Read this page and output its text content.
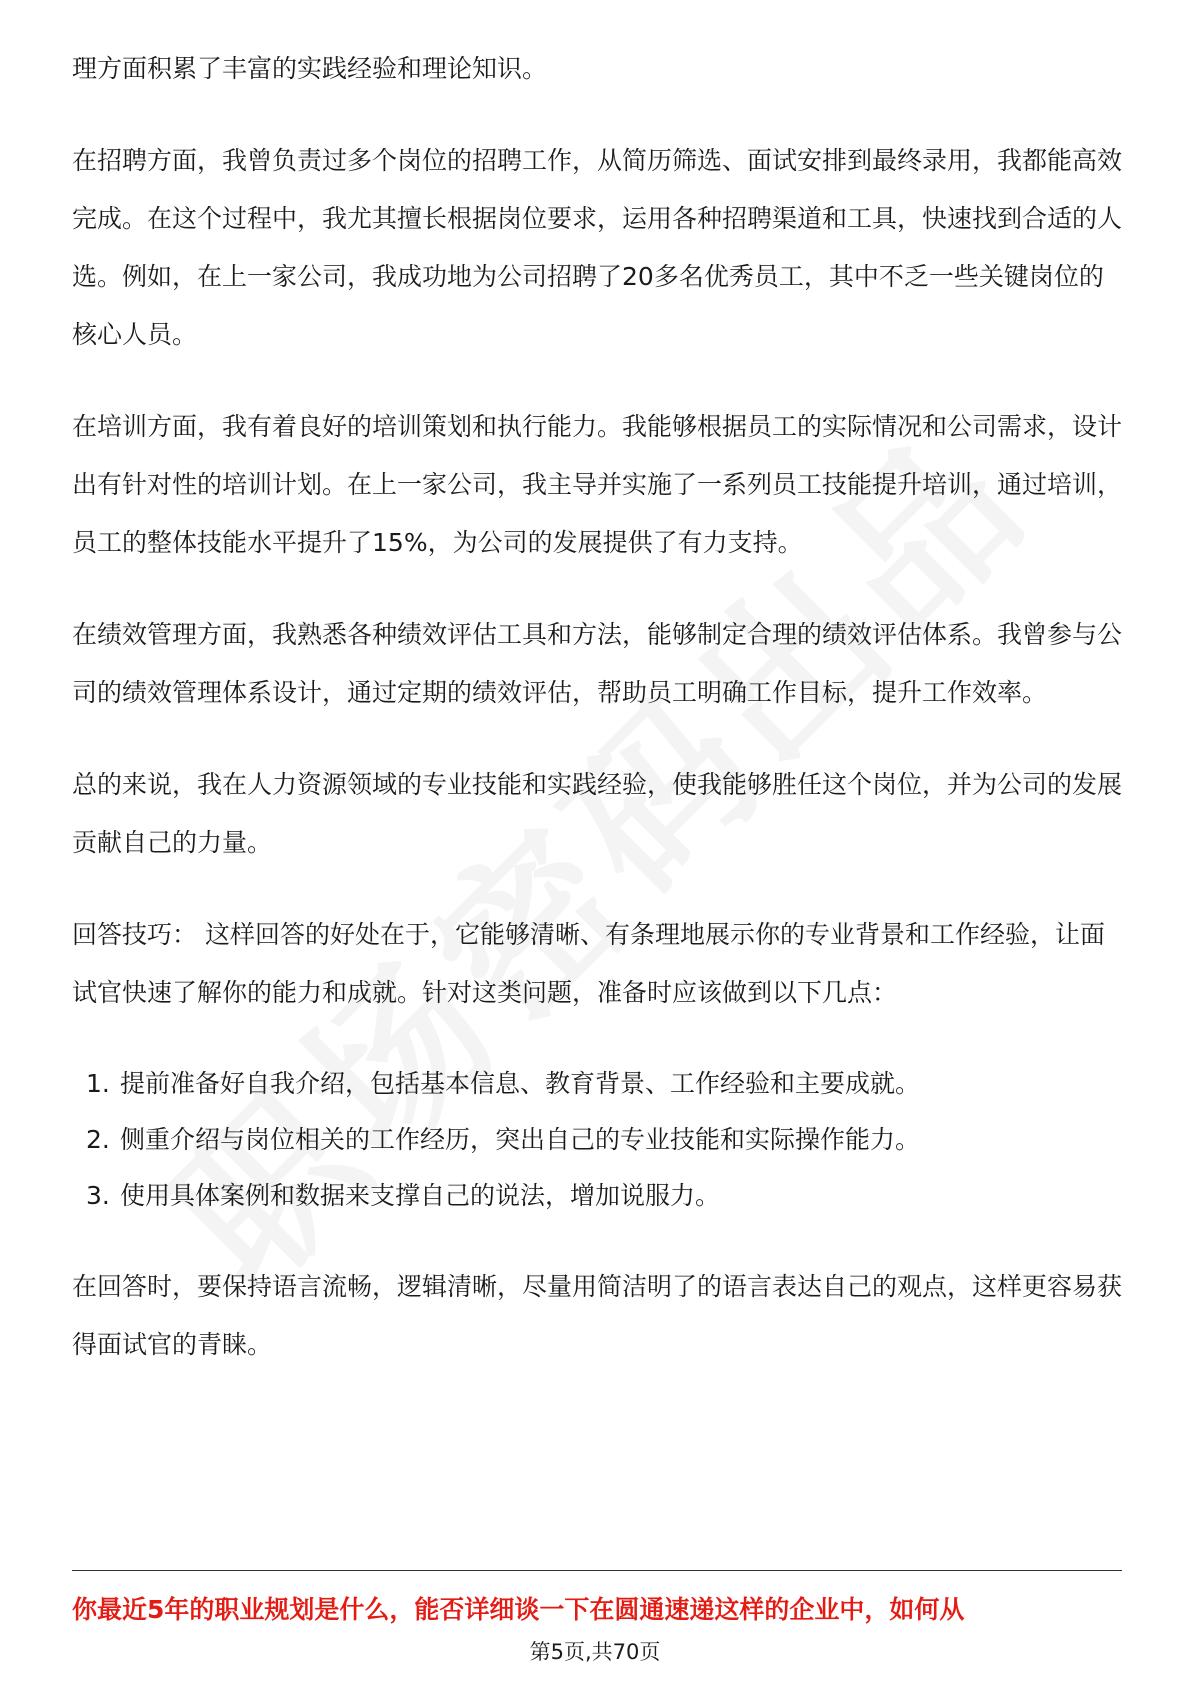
理方面积累了丰富的实践经验和理论知识。

在招聘方面，我曾负责过多个岗位的招聘工作，从简历筛选、面试安排到最终录用，我都能高效完成。在这个过程中，我尤其擅长根据岗位要求，运用各种招聘渠道和工具，快速找到合适的人选。例如，在上一家公司，我成功地为公司招聘了20多名优秀员工，其中不乏一些关键岗位的核心人员。

在培训方面，我有着良好的培训策划和执行能力。我能够根据员工的实际情况和公司需求，设计出有针对性的培训计划。在上一家公司，我主导并实施了一系列员工技能提升培训，通过培训，员工的整体技能水平提升了15%，为公司的发展提供了有力支持。

在绩效管理方面，我熟悉各种绩效评估工具和方法，能够制定合理的绩效评估体系。我曾参与公司的绩效管理体系设计，通过定期的绩效评估，帮助员工明确工作目标，提升工作效率。

总的来说，我在人力资源领域的专业技能和实践经验，使我能够胜任这个岗位，并为公司的发展贡献自己的力量。

回答技巧： 这样回答的好处在于，它能够清晰、有条理地展示你的专业背景和工作经验，让面试官快速了解你的能力和成就。针对这类问题，准备时应该做到以下几点：

1. 提前准备好自我介绍，包括基本信息、教育背景、工作经验和主要成就。
2. 侧重介绍与岗位相关的工作经历，突出自己的专业技能和实际操作能力。
3. 使用具体案例和数据来支撑自己的说法，增加说服力。

在回答时，要保持语言流畅，逻辑清晰，尽量用简洁明了的语言表达自己的观点，这样更容易获得面试官的青睐。

你最近5年的职业规划是什么，能否详细谈一下在圆通速递这样的企业中，如何从
第5页,共70页
